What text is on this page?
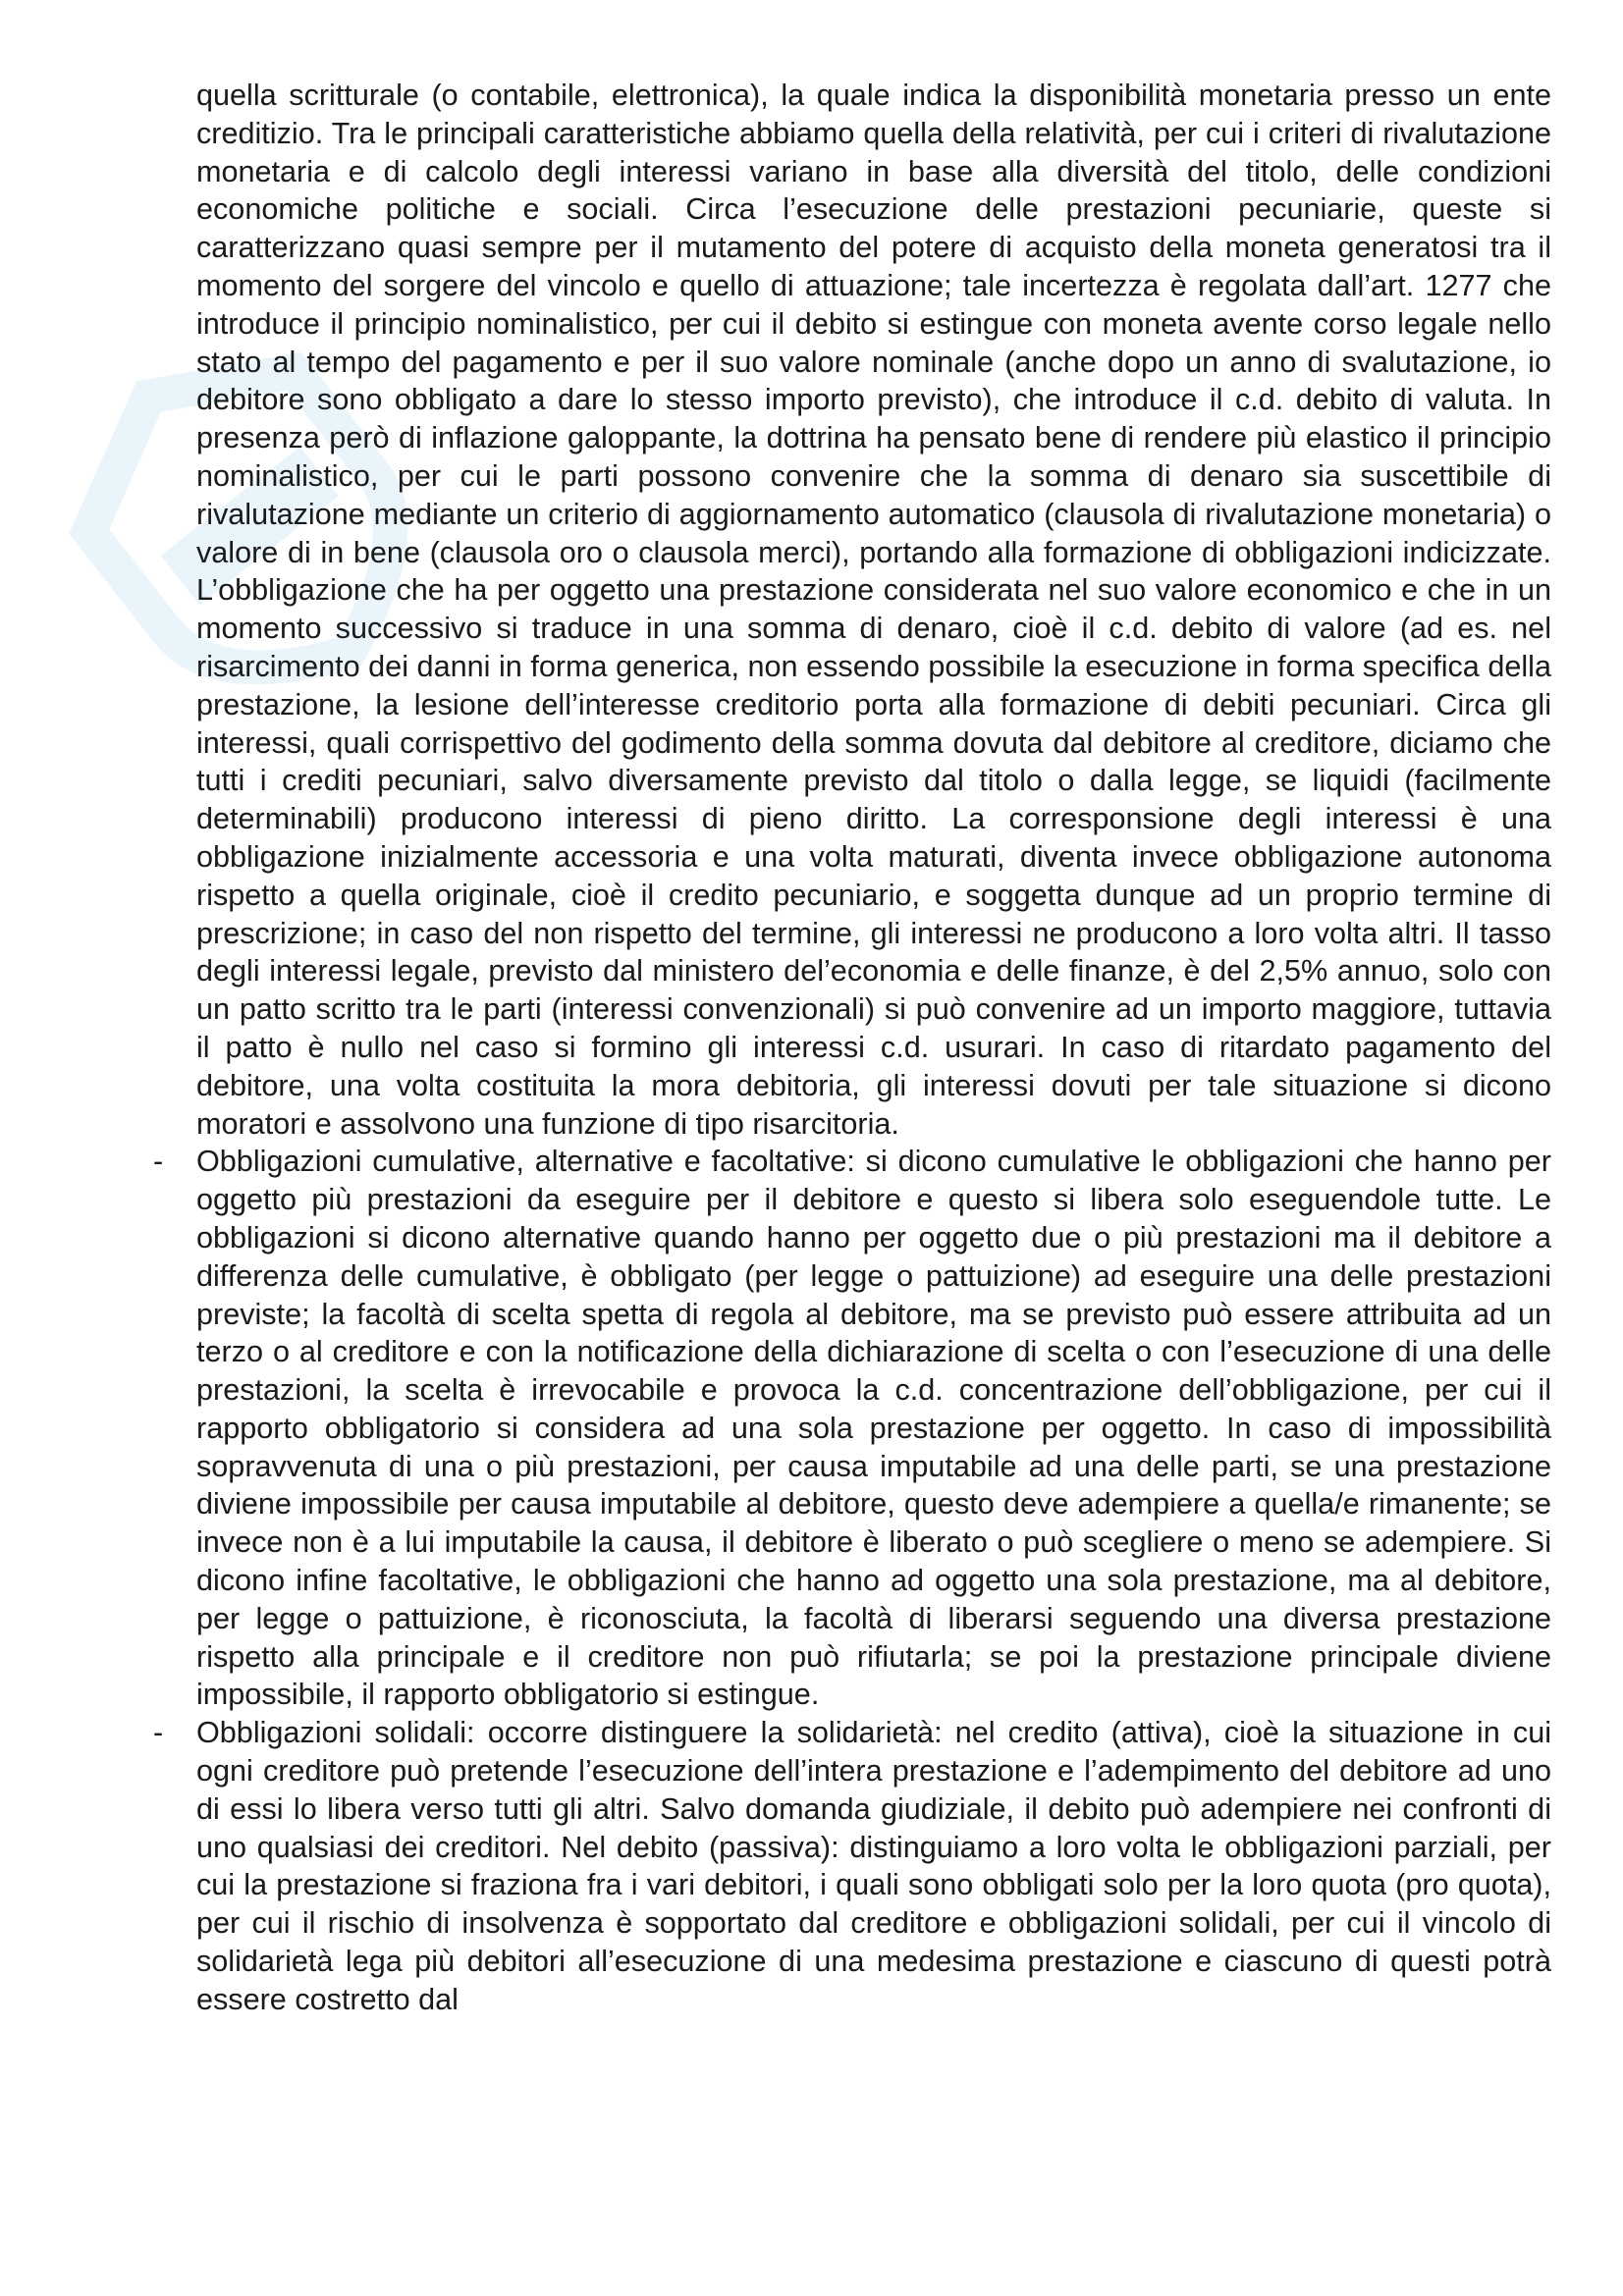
quella scritturale (o contabile, elettronica), la quale indica la disponibilità monetaria presso un ente creditizio. Tra le principali caratteristiche abbiamo quella della relatività, per cui i criteri di rivalutazione monetaria e di calcolo degli interessi variano in base alla diversità del titolo, delle condizioni economiche politiche e sociali. Circa l’esecuzione delle prestazioni pecuniarie, queste si caratterizzano quasi sempre per il mutamento del potere di acquisto della moneta generatosi tra il momento del sorgere del vincolo e quello di attuazione; tale incertezza è regolata dall’art. 1277 che introduce il principio nominalistico, per cui il debito si estingue con moneta avente corso legale nello stato al tempo del pagamento e per il suo valore nominale (anche dopo un anno di svalutazione, io debitore sono obbligato a dare lo stesso importo previsto), che introduce il c.d. debito di valuta. In presenza però di inflazione galoppante, la dottrina ha pensato bene di rendere più elastico il principio nominalistico, per cui le parti possono convenire che la somma di denaro sia suscettibile di rivalutazione mediante un criterio di aggiornamento automatico (clausola di rivalutazione monetaria) o valore di in bene (clausola oro o clausola merci), portando alla formazione di obbligazioni indicizzate. L’obbligazione che ha per oggetto una prestazione considerata nel suo valore economico e che in un momento successivo si traduce in una somma di denaro, cioè il c.d. debito di valore (ad es. nel risarcimento dei danni in forma generica, non essendo possibile la esecuzione in forma specifica della prestazione, la lesione dell’interesse creditorio porta alla formazione di debiti pecuniari. Circa gli interessi, quali corrispettivo del godimento della somma dovuta dal debitore al creditore, diciamo che tutti i crediti pecuniari, salvo diversamente previsto dal titolo o dalla legge, se liquidi (facilmente determinabili) producono interessi di pieno diritto. La corresponsione degli interessi è una obbligazione inizialmente accessoria e una volta maturati, diventa invece obbligazione autonoma rispetto a quella originale, cioè il credito pecuniario, e soggetta dunque ad un proprio termine di prescrizione; in caso del non rispetto del termine, gli interessi ne producono a loro volta altri. Il tasso degli interessi legale, previsto dal ministero del’economia e delle finanze, è del 2,5% annuo, solo con un patto scritto tra le parti (interessi convenzionali) si può convenire ad un importo maggiore, tuttavia il patto è nullo nel caso si formino gli interessi c.d. usurari. In caso di ritardato pagamento del debitore, una volta costituita la mora debitoria, gli interessi dovuti per tale situazione si dicono moratori e assolvono una funzione di tipo risarcitoria.

- Obbligazioni cumulative, alternative e facoltative: si dicono cumulative le obbligazioni che hanno per oggetto più prestazioni da eseguire per il debitore e questo si libera solo eseguendole tutte. Le obbligazioni si dicono alternative quando hanno per oggetto due o più prestazioni ma il debitore a differenza delle cumulative, è obbligato (per legge o pattuizione) ad eseguire una delle prestazioni previste; la facoltà di scelta spetta di regola al debitore, ma se previsto può essere attribuita ad un terzo o al creditore e con la notificazione della dichiarazione di scelta o con l’esecuzione di una delle prestazioni, la scelta è irrevocabile e provoca la c.d. concentrazione dell’obbligazione, per cui il rapporto obbligatorio si considera ad una sola prestazione per oggetto. In caso di impossibilità sopravvenuta di una o più prestazioni, per causa imputabile ad una delle parti, se una prestazione diviene impossibile per causa imputabile al debitore, questo deve adempiere a quella/e rimanente; se invece non è a lui imputabile la causa, il debitore è liberato o può scegliere o meno se adempiere. Si dicono infine facoltative, le obbligazioni che hanno ad oggetto una sola prestazione, ma al debitore, per legge o pattuizione, è riconosciuta, la facoltà di liberarsi seguendo una diversa prestazione rispetto alla principale e il creditore non può rifiutarla; se poi la prestazione principale diviene impossibile, il rapporto obbligatorio si estingue.
- Obbligazioni solidali: occorre distinguere la solidarietà: nel credito (attiva), cioè la situazione in cui ogni creditore può pretende l’esecuzione dell’intera prestazione e l’adempimento del debitore ad uno di essi lo libera verso tutti gli altri. Salvo domanda giudiziale, il debito può adempiere nei confronti di uno qualsiasi dei creditori. Nel debito (passiva): distinguiamo a loro volta le obbligazioni parziali, per cui la prestazione si fraziona fra i vari debitori, i quali sono obbligati solo per la loro quota (pro quota), per cui il rischio di insolvenza è sopportato dal creditore e obbligazioni solidali, per cui il vincolo di solidarietà lega più debitori all’esecuzione di una medesima prestazione e ciascuno di questi potrà essere costretto dal
